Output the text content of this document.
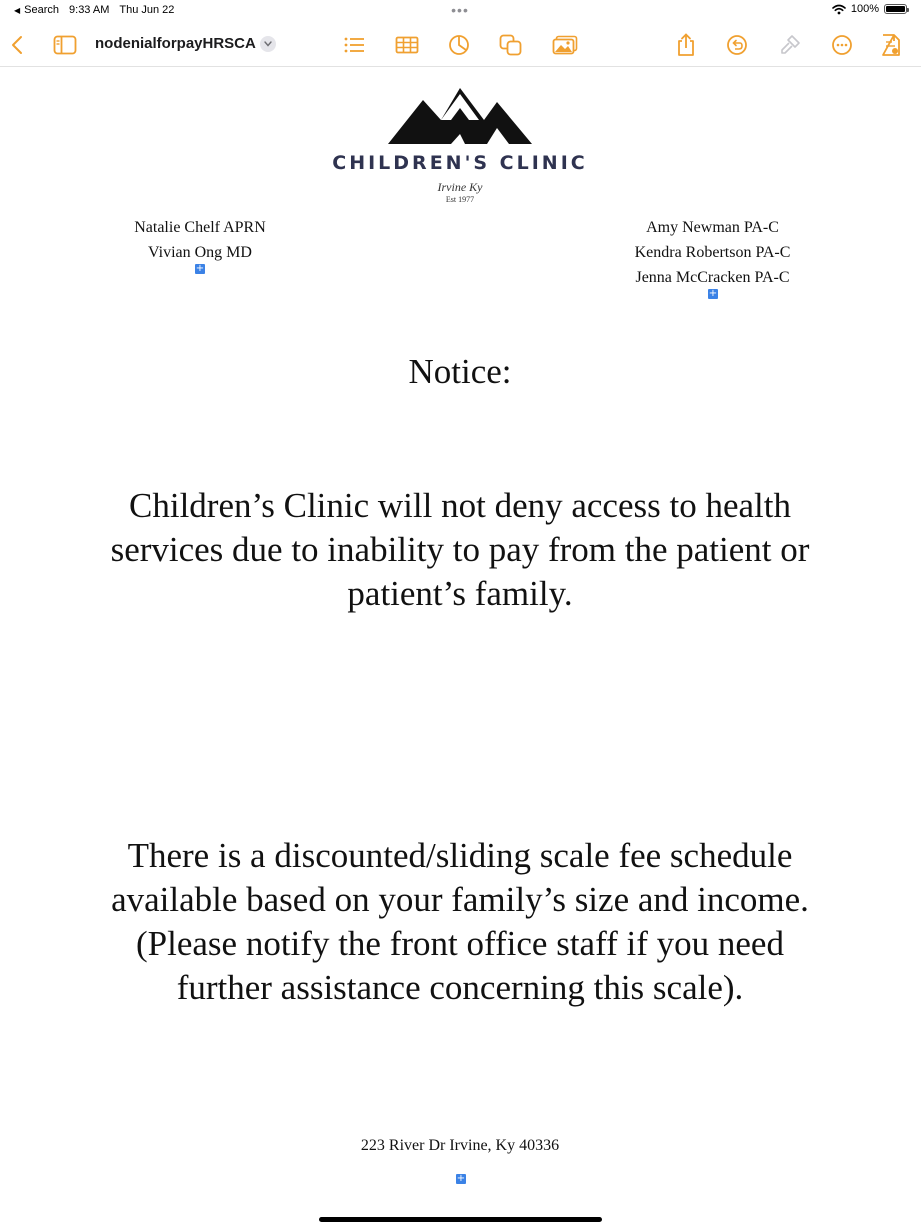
◀ Search 9:33 AM Thu Jun 22	•••	100%
nodenialforpayHRSCA
CHILDREN'S CLINIC
Irvine Ky
Est 1977
Natalie Chelf APRN
Vivian Ong MD
+
Amy Newman PA-C
Kendra Robertson PA-C
Jenna McCracken PA-C
+
Notice:
Children’s Clinic will not deny access to health services due to inability to pay from the patient or patient’s family.
There is a discounted/sliding scale fee schedule available based on your family’s size and income. (Please notify the front office staff if you need further assistance concerning this scale).
223 River Dr Irvine, Ky 40336
+
